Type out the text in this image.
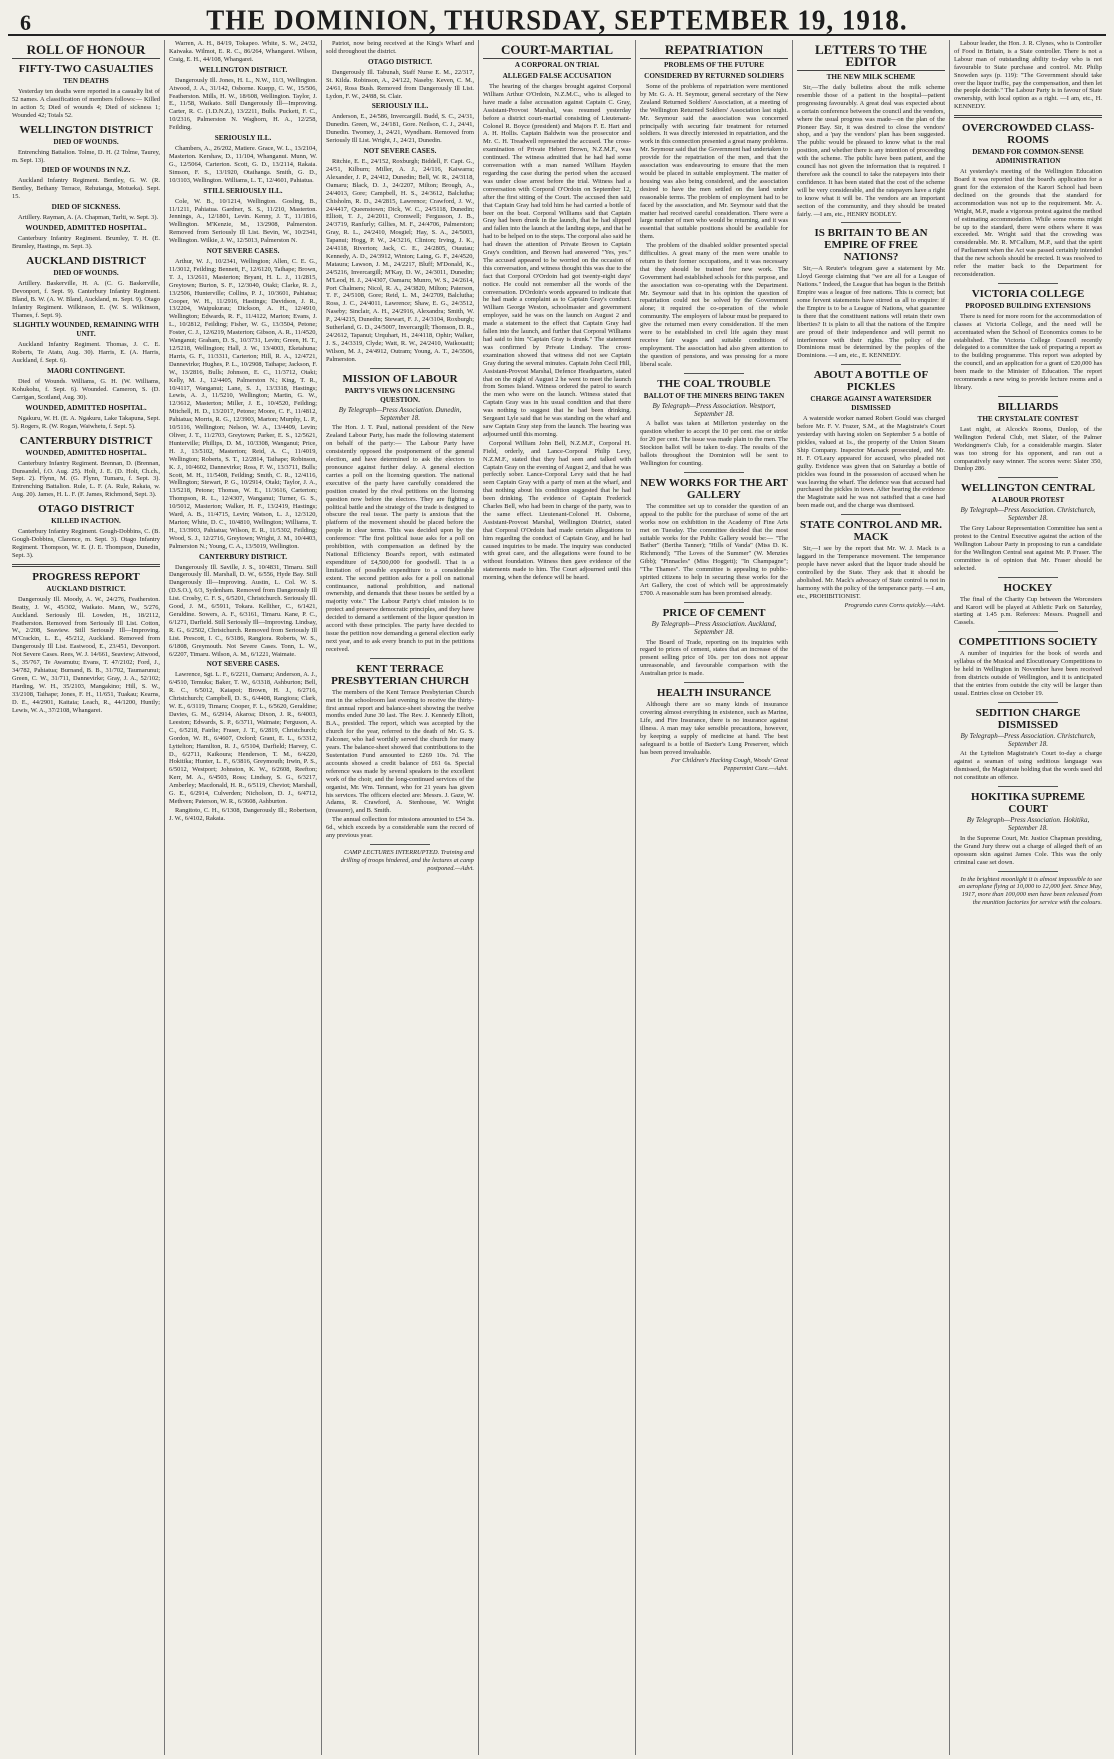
6	THE DOMINION, THURSDAY, SEPTEMBER 19, 1918.
ROLL OF HONOUR
FIFTY-TWO CASUALTIES
TEN DEATHS

Yesterday ten deaths were reported in a casualty list of 52 names. A classification of members follows:— Killed in action 5; Died of wounds 4; Died of sickness 1; Wounded 42; Totals 52.

WELLINGTON DISTRICT
DIED OF WOUNDS.

Entrenching Battalion. Tolme, D. H. (2 Tolme, Taurey, m. Sept. 13).

DIED OF WOUNDS IN N.Z.

Auckland Infantry Regiment. Bentley, G. W. (R. Bentley, Bethany Terrace, Rehutanga, Motueka). Sept. 15.

DIED OF SICKNESS.

Artillery. Rayman, A. (A. Chapman, Tarlti, w. Sept. 3).

WOUNDED, ADMITTED HOSPITAL.

Canterbury Infantry Regiment. Brumley, T. H. (E. Brumley, Hastings, m. Sept. 3).

AUCKLAND DISTRICT
DIED OF WOUNDS.

Artillery. Baskerville, H. A. (C. G. Baskerville, Devonport, f. Sept. 9). Canterbury Infantry Regiment. Bland, B. W. (A. W. Bland, Auckland, m. Sept. 9). Otago Infantry Regiment. Wilkinson, E. (W. S. Wilkinson, Thames, f. Sept. 9).

SLIGHTLY WOUNDED, REMAINING WITH UNIT.

Auckland Infantry Regiment. Thomas, J. C. E. Roberts, Te Atatu, Aug. 30). Harris, E. (A. Harris, Auckland, f. Sept. 6).

MAORI CONTINGENT.

Died of Wounds. Williams, G. H. (W. Williams, Kohukohu, f. Sept. 6). Wounded. Cameron, S. (D. Carrigan, Scotland, Aug. 30).

WOUNDED, ADMITTED HOSPITAL.

Ngakuru, W. H. (E. A. Ngakuru, Lake Takapuna, Sept. 5). Rogers, R. (W. Rogan, Waiwhetu, f. Sept. 5).

CANTERBURY DISTRICT
WOUNDED, ADMITTED HOSPITAL.

Canterbury Infantry Regiment. Brennan, D. (Brennan, Dunsandel, f.O. Aug. 25). Holt, J. E. (D. Holt, Ch.ch., Sept. 2). Flynn, M. (G. Flynn, Tumaru, f. Sept. 3). Entrenching Battalion. Rule, L. F. (A. Rule, Rakaia, w. Aug. 20). James, H. L. F. (F. James, Richmond, Sept. 3).

OTAGO DISTRICT
KILLED IN ACTION.

Canterbury Infantry Regiment. Gough-Dobbins, C. (B. Gough-Dobbins, Clarence, m. Sept. 3). Otago Infantry Regiment. Thompson, W. E. (J. E. Thompson, Dunedin, Sept. 3).

PROGRESS REPORT
AUCKLAND DISTRICT.

Dangerously Ill. Moody, A. W., 24/276, Featherston. Beatty, J. W., 45/302, Waikato. Mann, W., 5/276, Auckland. Seriously Ill. Lowden, H., 18/2112, Featherston. Removed from Seriously Ill List. Cotton, W., 2/208, Seaview. Still Seriously Ill—Improving. M'Crackin, L. E., 45/212, Auckland. Removed from Dangerously Ill List. Eastwood, E., 23/451, Devonport. Not Severe Cases. Rees, W. J. 14/661, Seaview; Attwood, S., 35/767, Te Awamutu; Evans, T. 47/2102; Ford, J., 34/782, Pahiatua; Burnand, B. B., 31/702, Taumarunui; Green, C. W., 31/711, Dannevirke; Gray, J. A., 52/102; Harding, W. H., 35/2103, Mangakino; Hill, S. W., 33/2108, Taihape; Jones, F. H., 11/651, Tuakau; Kearns, D. E., 44/2901, Kaitaia; Leach, R., 44/1200, Huntly; Lewis, W. A., 37/2108, Whangarei.

Warren, A. H., 84/19, Tokapeo. White, S. W., 24/32, Kaiwaka. Wilmot, E. R. C., 86/264, Whangarei. Wilson, Craig, E. H., 44/108, Whangarei.

WELLINGTON DISTRICT.

Dangerously Ill. Jones, H. L., N.W., 11/3, Wellington. Atwood, J. A., 31/142, Osborne. Kuepp, C. W., 15/506, Featherston. Mills, H. W., 18/608, Wellington. Taylor, J. E., 11/58, Waikato. Still Dangerously Ill—Improving. Carter, R. C. (1.D.N.Z.), 13/2211, Bulls. Puckett, F. C., 10/2316, Palmerston N. Waghorn, H. A., 12/258, Feilding.

SERIOUSLY ILL.

Chambers, A., 26/202, Matiere. Grace, W. L., 13/2104, Masterton. Kershaw, D., 11/104, Whanganui. Munn, W. G., 12/5064, Carterton. Scott, G. D., 13/2114, Rakaia. Simson, F. S., 13/1920, Otaihanga. Smith, G. D., 10/3103, Wellington. Williams, L. T., 12/4601, Pahiatua.

STILL SERIOUSLY ILL.

Cole, W. B., 10/1214, Wellington. Gosling, B., 11/1211, Pahiatua. Gardner, S. S., 11/210, Masterton. Jennings, A., 12/1801, Levin. Kenny, J. T., 11/1816, Wellington. M'Kenzie, M., 13/2908, Palmerston. Removed from Seriously Ill List. Bevin, W., 10/2341, Wellington. Wilkie, J. W., 12/5013, Palmerston N.

NOT SEVERE CASES.

Arthur, W. J., 10/2341, Wellington; Allen, C. E. G., 11/3012, Feilding; Bennett, F., 12/6120, Taihape; Brown, T. J., 13/2611, Masterton; Bryant, H. L. J., 11/2815, Greytown; Burton, S. F., 12/3040, Otaki; Clarke, R. J., 13/2506, Hunterville; Collins, P. J., 10/3601, Pahiatua; Cooper, W. H., 11/2916, Hastings; Davidson, J. R., 13/2204, Waipukurau; Dickson, A. H., 12/4910, Wellington; Edwards, R. F., 11/4122, Marton; Evans, J. L., 10/2812, Feilding; Fisher, W. G., 13/3504, Petone; Foster, C. J., 12/6219, Masterton; Gibson, A. R., 11/4520, Wanganui; Graham, D. S., 10/3731, Levin; Green, H. T., 12/5218, Wellington; Hall, J. W., 13/4003, Eketahuna; Harris, G. F., 11/3311, Carterton; Hill, R. A., 12/4721, Dannevirke; Hughes, P. L., 10/2908, Taihape; Jackson, F. W., 13/2816, Bulls; Johnson, E. C., 11/3712, Otaki; Kelly, M. J., 12/4405, Palmerston N.; King, T. R., 10/4117, Wanganui; Lane, S. J., 13/3318, Hastings; Lewis, A. J., 11/5210, Wellington; Martin, G. W., 12/3612, Masterton; Miller, J. E., 10/4520, Feilding; Mitchell, H. D., 13/2017, Petone; Moore, C. F., 11/4812, Pahiatua; Morris, R. G., 12/3903, Marton; Murphy, L. P., 10/5116, Wellington; Nelson, W. A., 13/4409, Levin; Oliver, J. T., 11/2703, Greytown; Parker, E. S., 12/5621, Hunterville; Phillips, D. M., 10/3308, Wanganui; Price, H. J., 13/5102, Masterton; Reid, A. C., 11/4019, Wellington; Roberts, S. T., 12/2814, Taihape; Robinson, K. J., 10/4602, Dannevirke; Ross, F. W., 13/3711, Bulls; Scott, M. H., 11/5408, Feilding; Smith, C. R., 12/4116, Wellington; Stewart, P. G., 10/2914, Otaki; Taylor, J. A., 13/5218, Petone; Thomas, W. E., 11/3616, Carterton; Thompson, R. L., 12/4307, Wanganui; Turner, G. S., 10/5012, Masterton; Walker, H. F., 13/2419, Hastings; Ward, A. B., 11/4715, Levin; Watson, L. J., 12/3120, Marton; White, D. C., 10/4810, Wellington; Williams, T. H., 13/3903, Pahiatua; Wilson, E. R., 11/5302, Feilding; Wood, S. J., 12/2716, Greytown; Wright, J. M., 10/4403, Palmerston N.; Young, C. A., 13/5019, Wellington.

CANTERBURY DISTRICT.

Dangerously Ill. Saville, J. S., 10/4831, Timaru. Still Dangerously Ill. Marshall, D. W., 6/556, Hyde Bay. Still Dangerously Ill—Improving. Austin, L. Col. W. S. (D.S.O.), 6/3, Sydenham. Removed from Dangerously Ill List. Crosby, C. F. S., 6/5201, Christchurch. Seriously Ill. Good, J. M., 6/5911, Tokara. Kelliher, C., 6/1421, Geraldine. Sowers, A. F., 6/3161, Timaru. Kane, P. C., 6/1271, Darfield. Still Seriously Ill—Improving. Lindsay, R. G., 6/2502, Christchurch. Removed from Seriously Ill List. Prescott, I. C., 6/3186, Rangiora. Roberts, W. S., 6/1808, Greymouth. Not Severe Cases. Tonn, L. W., 6/2207, Timaru. Wilson, A. M., 6/1221, Waimate.

NOT SEVERE CASES.

Lawrence, Sgt. L. F., 6/2211, Oamaru; Anderson, A. J., 6/4510, Temuka; Baker, T. W., 6/3318, Ashburton; Bell, R. C., 6/5012, Kaiapoi; Brown, H. J., 6/2716, Christchurch; Campbell, D. S., 6/4408, Rangiora; Clark, W. E., 6/3119, Timaru; Cooper, F. L., 6/5620, Geraldine; Davies, G. M., 6/2914, Akaroa; Dixon, J. R., 6/4003, Leeston; Edwards, S. P., 6/3711, Waimate; Ferguson, A. C., 6/5218, Fairlie; Fraser, J. T., 6/2819, Christchurch; Gordon, W. H., 6/4607, Oxford; Grant, E. L., 6/3312, Lyttelton; Hamilton, R. J., 6/5104, Darfield; Harvey, C. D., 6/2711, Kaikoura; Henderson, T. M., 6/4220, Hokitika; Hunter, L. F., 6/3816, Greymouth; Irwin, P. S., 6/5012, Westport; Johnston, K. W., 6/2608, Reefton; Kerr, M. A., 6/4503, Ross; Lindsay, S. G., 6/3217, Amberley; Macdonald, H. R., 6/5119, Cheviot; Marshall, G. E., 6/2914, Culverden; Nicholson, D. J., 6/4712, Methven; Paterson, W. R., 6/3608, Ashburton.

Rangitoto, C. H., 6/1308, Dangerously Ill.; Robertson, J. W., 6/4102, Rakaia.

Patriot, now being received at the King's Wharf and sold throughout the district.

OTAGO DISTRICT.

Dangerously Ill. Tabunah, Staff Nurse E. M., 22/317, St. Kilda. Robinson, A., 24/122, Naseby. Keven, C. M., 24/61, Ross Bush. Removed from Dangerously Ill List. Lydon, F. W., 24/88, St. Clair.

SERIOUSLY ILL.

Anderson, E., 24/586, Invercargill. Budd, S. C., 24/31, Dunedin. Green, W., 24/181, Gore. Neilson, C. J., 24/41, Dunedin. Twomey, J., 24/21, Wyndham. Removed from Seriously Ill List. Wright, J., 24/21, Dunedin.

NOT SEVERE CASES.

Ritchie, E. E., 24/152, Roxburgh; Biddell, F. Capt. G., 24/51, Kilburn; Miller, A. J., 24/116, Kaiwarra; Alexander, J. P., 24/412, Dunedin; Bell, W. R., 24/3118, Oamaru; Black, D. J., 24/2207, Milton; Brough, A., 24/4013, Gore; Campbell, H. S., 24/3612, Balclutha; Chisholm, R. D., 24/2815, Lawrence; Crawford, J. W., 24/4417, Queenstown; Dick, W. C., 24/5118, Dunedin; Elliott, T. J., 24/2011, Cromwell; Fergusson, J. B., 24/3719, Ranfurly; Gillies, M. F., 24/4706, Palmerston; Gray, R. L., 24/2410, Mosgiel; Hay, S. A., 24/5003, Tapanui; Hogg, P. W., 24/3216, Clinton; Irving, J. K., 24/4118, Riverton; Jack, C. E., 24/2805, Otautau; Kennedy, A. D., 24/3912, Winton; Laing, G. F., 24/4520, Mataura; Lawson, J. M., 24/2217, Bluff; M'Donald, K., 24/5216, Invercargill; M'Kay, D. W., 24/3011, Dunedin; M'Leod, H. J., 24/4307, Oamaru; Munro, W. S., 24/2614, Port Chalmers; Nicol, R. A., 24/3820, Milton; Paterson, T. F., 24/5108, Gore; Reid, L. M., 24/2709, Balclutha; Ross, J. C., 24/4011, Lawrence; Shaw, E. G., 24/3512, Naseby; Sinclair, A. H., 24/2916, Alexandra; Smith, W. P., 24/4215, Dunedin; Stewart, F. J., 24/3104, Roxburgh; Sutherland, G. D., 24/5007, Invercargill; Thomson, D. R., 24/2612, Tapanui; Urquhart, H., 24/4118, Ophir; Walker, J. S., 24/3319, Clyde; Watt, R. W., 24/2410, Waikouaiti; Wilson, M. J., 24/4912, Outram; Young, A. T., 24/3506, Palmerston.

MISSION OF LABOUR
PARTY'S VIEWS ON LICENSING QUESTION.
By Telegraph—Press Association. Dunedin, September 18.

The Hon. J. T. Paul, national president of the New Zealand Labour Party, has made the following statement on behalf of the party:— The Labour Party have consistently opposed the postponement of the general election, and have determined to ask the electors to pronounce against further delay. A general election carries a poll on the licensing question. The national executive of the party have carefully considered the position created by the rival petitions on the licensing question now before the electors. They are fighting a political battle and the strategy of the trade is designed to obscure the real issue. The party is anxious that the platform of the movement should be placed before the people in clear terms. This was decided upon by the conference: "The first political issue asks for a poll on prohibition, with compensation as defined by the National Efficiency Board's report, with estimated expenditure of £4,500,000 for goodwill. That is a limitation of possible expenditure to a considerable extent. The second petition asks for a poll on national continuance, national prohibition, and national ownership, and demands that these issues be settled by a majority vote." The Labour Party's chief mission is to protect and preserve democratic principles, and they have decided to demand a settlement of the liquor question in accord with these principles. The party have decided to issue the petition now demanding a general election early next year, and to ask every branch to put in the petitions received.

KENT TERRACE PRESBYTERIAN CHURCH

The members of the Kent Terrace Presbyterian Church met in the schoolroom last evening to receive the thirty-first annual report and balance-sheet showing the twelve months ended June 30 last. The Rev. J. Kennedy Elliott, B.A., presided. The report, which was accepted by the church for the year, referred to the death of Mr. G. S. Falconer, who had worthily served the church for many years. The balance-sheet showed that contributions to the Sustentation Fund amounted to £269 10s. 7d. The accounts showed a credit balance of £61 6s. Special reference was made by several speakers to the excellent work of the choir, and the long-continued services of the organist, Mr. Wm. Tennant, who for 21 years has given his services. The officers elected are: Messrs. J. Gaze, W. Adams, R. Crawford, A. Stenhouse, W. Wright (treasurer), and B. Smith.

The annual collection for missions amounted to £54 3s. 6d., which exceeds by a considerable sum the record of any previous year.

CAMP LECTURES INTERRUPTED. Training and drilling of troops hindered, and the lectures at camp postponed.—Advt.

COURT-MARTIAL
A CORPORAL ON TRIAL
ALLEGED FALSE ACCUSATION

The hearing of the charges brought against Corporal William Arthur O'Ordoin, N.Z.M.C., who is alleged to have made a false accusation against Captain C. Gray, Assistant-Provost Marshal, was resumed yesterday before a district court-martial consisting of Lieutenant-Colonel R. Boyce (president) and Majors F. E. Hart and A. H. Hollis. Captain Baldwin was the prosecutor and Mr. C. H. Treadwell represented the accused. The cross-examination of Private Hebert Brown, N.Z.M.F., was continued. The witness admitted that he had had some conversation with a man named William Hayden regarding the case during the period when the accused was under close arrest before the trial. Witness had a conversation with Corporal O'Ordoin on September 12, after the first sitting of the Court. The accused then said that Captain Gray had told him he had carried a bottle of beer on the boat. Corporal Williams said that Captain Gray had been drunk in the launch, that he had slipped and fallen into the launch at the landing steps, and that he had to be helped on to the steps. The corporal also said he had drawn the attention of Private Brown to Captain Gray's condition, and Brown had answered "Yes, yes." The accused appeared to be worried on the occasion of this conversation, and witness thought this was due to the fact that Corporal O'Ordoin had got twenty-eight days' notice. He could not remember all the words of the conversation. D'Ordoin's words appeared to indicate that he had made a complaint as to Captain Gray's conduct. William George Weston, schoolmaster and government employee, said he was on the launch on August 2 and made a statement to the effect that Captain Gray had fallen into the launch, and further that Corporal Williams had said to him "Captain Gray is drunk." The statement was confirmed by Private Lindsay. The cross-examination showed that witness did not see Captain Gray during the several minutes. Captain John Cecil Hill, Assistant-Provost Marshal, Defence Headquarters, stated that on the night of August 2 he went to meet the launch from Somes Island. Witness ordered the patrol to search the men who were on the launch. Witness stated that Captain Gray was in his usual condition and that there was nothing to suggest that he had been drinking. Sergeant Lyle said that he was standing on the wharf and saw Captain Gray step from the launch. The hearing was adjourned until this morning.

Corporal William John Bell, N.Z.M.F., Corporal H. Field, orderly, and Lance-Corporal Philip Levy, N.Z.M.F., stated that they had seen and talked with Captain Gray on the evening of August 2, and that he was perfectly sober. Lance-Corporal Levy said that he had seen Captain Gray with a party of men at the wharf, and that nothing about his condition suggested that he had been drinking. The evidence of Captain Frederick Charles Bell, who had been in charge of the party, was to the same effect. Lieutenant-Colonel H. Osborne, Assistant-Provost Marshal, Wellington District, stated that Corporal O'Ordoin had made certain allegations to him regarding the conduct of Captain Gray, and he had caused inquiries to be made. The inquiry was conducted with great care, and the allegations were found to be without foundation. Witness then gave evidence of the statements made to him. The Court adjourned until this morning, when the defence will be heard.

REPATRIATION
PROBLEMS OF THE FUTURE
CONSIDERED BY RETURNED SOLDIERS

Some of the problems of repatriation were mentioned by Mr. G. A. H. Seymour, general secretary of the New Zealand Returned Soldiers' Association, at a meeting of the Wellington Returned Soldiers' Association last night. Mr. Seymour said the association was concerned principally with securing fair treatment for returned soldiers. It was directly interested in repatriation, and the work in this connection presented a great many problems. Mr. Seymour said that the Government had undertaken to provide for the repatriation of the men, and that the association was endeavouring to ensure that the men would be placed in suitable employment. The matter of housing was also being considered, and the association desired to have the men settled on the land under reasonable terms. The problem of employment had to be faced by the association, and Mr. Seymour said that the matter had received careful consideration. There were a large number of men who would be returning, and it was essential that suitable positions should be available for them.

The problem of the disabled soldier presented special difficulties. A great many of the men were unable to return to their former occupations, and it was necessary that they should be trained for new work. The Government had established schools for this purpose, and the association was co-operating with the Department. Mr. Seymour said that in his opinion the question of repatriation could not be solved by the Government alone; it required the co-operation of the whole community. The employers of labour must be prepared to give the returned men every consideration. If the men were to be established in civil life again they must receive fair wages and suitable conditions of employment. The association had also given attention to the question of pensions, and was pressing for a more liberal scale.

THE COAL TROUBLE
BALLOT OF THE MINERS BEING TAKEN
By Telegraph—Press Association. Westport, September 18.

A ballot was taken at Millerton yesterday on the question whether to accept the 10 per cent. rise or strike for 20 per cent. The issue was made plain to the men. The Stockton ballot will be taken to-day. The results of the ballots throughout the Dominion will be sent to Wellington for counting.

NEW WORKS FOR THE ART GALLERY

The committee set up to consider the question of an appeal to the public for the purchase of some of the art works now on exhibition in the Academy of Fine Arts met on Tuesday. The committee decided that the most suitable works for the Public Gallery would be:— "The Bather" (Bertha Tanner); "Hills of Vanda" (Miss D. K. Richmond); "The Loves of the Summer" (W. Menzies Gibb); "Pinnacles" (Miss Hoggett); "In Champagne"; "The Thames". The committee is appealing to public-spirited citizens to help in securing these works for the Art Gallery, the cost of which will be approximately £700. A reasonable sum has been promised already.

PRICE OF CEMENT
By Telegraph—Press Association. Auckland, September 18.

The Board of Trade, reporting on its inquiries with regard to prices of cement, states that an increase of the present selling price of 10s. per ton does not appear unreasonable, and favourable comparison with the Australian price is made.

HEALTH INSURANCE

Although there are so many kinds of insurance covering almost everything in existence, such as Marine, Life, and Fire Insurance, there is no insurance against illness. A man may take sensible precautions, however, by keeping a supply of medicine at hand. The best safeguard is a bottle of Baxter's Lung Preserver, which has been proved invaluable.

For Children's Hacking Cough, Woods' Great Peppermint Cure.—Advt.

LETTERS TO THE EDITOR
THE NEW MILK SCHEME

Sir,—The daily bulletins about the milk scheme resemble those of a patient in the hospital—patient progressing favourably. A great deal was expected about a certain conference between the council and the vendors, where the usual progress was made—on the plan of the Pioneer Bay. Sir, it was desired to close the vendors' shop, and a 'pay the vendors' plan has been suggested. The public would be pleased to know what is the real position, and whether there is any intention of proceeding with the scheme. The public have been patient, and the council has not given the information that is required. I therefore ask the council to take the ratepayers into their confidence. It has been stated that the cost of the scheme will be very considerable, and the ratepayers have a right to know what it will be. The vendors are an important section of the community, and they should be treated fairly. —I am, etc., HENRY BODLEY.

IS BRITAIN TO BE AN EMPIRE OF FREE NATIONS?

Sir,—A Reuter's telegram gave a statement by Mr. Lloyd George claiming that "we are all for a League of Nations." Indeed, the League that has begun is the British Empire was a league of free nations. This is correct; but some fervent statements have stirred us all to enquire: if the Empire is to be a League of Nations, what guarantee is there that the constituent nations will retain their own liberties? It is plain to all that the nations of the Empire are proud of their independence and will permit no interference with their rights. The policy of the Dominions must be determined by the peoples of the Dominions. —I am, etc., E. KENNEDY.

ABOUT A BOTTLE OF PICKLES
CHARGE AGAINST A WATERSIDER DISMISSED

A waterside worker named Robert Gould was charged before Mr. F. V. Frazer, S.M., at the Magistrate's Court yesterday with having stolen on September 5 a bottle of pickles, valued at 1s., the property of the Union Steam Ship Company. Inspector Marsack prosecuted, and Mr. H. F. O'Leary appeared for accused, who pleaded not guilty. Evidence was given that on Saturday a bottle of pickles was found in the possession of accused when he was leaving the wharf. The defence was that accused had purchased the pickles in town. After hearing the evidence the Magistrate said he was not satisfied that a case had been made out, and the charge was dismissed.

STATE CONTROL AND MR. MACK

Sir,—I see by the report that Mr. W. J. Mack is a laggard in the Temperance movement. The temperance people have never asked that the liquor trade should be controlled by the State. They ask that it should be abolished. Mr. Mack's advocacy of State control is not in harmony with the policy of the temperance party. —I am, etc., PROHIBITIONIST.

Progrando cures Corns quickly.—Advt.

Labour leader, the Hon. J. R. Clynes, who is Controller of Food in Britain, is a State controller. There is not a Labour man of outstanding ability to-day who is not favourable to State purchase and control. Mr. Philip Snowden says (p. 119): "The Government should take over the liquor traffic, pay the compensation, and then let the people decide." The Labour Party is in favour of State ownership, with local option as a right. —I am, etc., H. KENNEDY.

OVERCROWDED CLASS-ROOMS
DEMAND FOR COMMON-SENSE ADMINISTRATION

At yesterday's meeting of the Wellington Education Board it was reported that the board's application for a grant for the extension of the Karori School had been declined on the grounds that the standard for accommodation was not up to the requirement. Mr. A. Wright, M.P., made a vigorous protest against the method of estimating accommodation. While some rooms might be up to the standard, there were others where it was exceeded. Mr. Wright said that the crowding was considerable. Mr. R. M'Callum, M.P., said that the spirit of Parliament when the Act was passed certainly intended that the new schools should be erected. It was resolved to refer the matter back to the Department for reconsideration.

VICTORIA COLLEGE
PROPOSED BUILDING EXTENSIONS

There is need for more room for the accommodation of classes at Victoria College, and the need will be accentuated when the School of Economics comes to be established. The Victoria College Council recently delegated to a committee the task of preparing a report as to the building programme. This report was adopted by the council, and an application for a grant of £20,000 has been made to the Minister of Education. The report recommends a new wing to provide lecture rooms and a library.

BILLIARDS
THE CRYSTALATE CONTEST

Last night, at Alcock's Rooms, Dunlop, of the Wellington Federal Club, met Slater, of the Palmer Workingmen's Club, for a considerable margin. Slater was too strong for his opponent, and ran out a comparatively easy winner. The scores were: Slater 350, Dunlop 286.

WELLINGTON CENTRAL
A LABOUR PROTEST
By Telegraph—Press Association. Christchurch, September 18.

The Grey Labour Representation Committee has sent a protest to the Central Executive against the action of the Wellington Labour Party in proposing to run a candidate for the Wellington Central seat against Mr. P. Fraser. The committee is of opinion that Mr. Fraser should be selected.

HOCKEY

The final of the Charity Cup between the Worcesters and Karori will be played at Athletic Park on Saturday, starting at 1.45 p.m. Referees: Messrs. Pragnell and Cassels.

COMPETITIONS SOCIETY

A number of inquiries for the book of words and syllabus of the Musical and Elocutionary Competitions to be held in Wellington in November have been received from districts outside of Wellington, and it is anticipated that the entries from outside the city will be larger than usual. Entries close on October 19.

SEDITION CHARGE DISMISSED
By Telegraph—Press Association. Christchurch, September 18.

At the Lyttelton Magistrate's Court to-day a charge against a seaman of using seditious language was dismissed, the Magistrate holding that the words used did not constitute an offence.

HOKITIKA SUPREME COURT
By Telegraph—Press Association. Hokitika, September 18.

In the Supreme Court, Mr. Justice Chapman presiding, the Grand Jury threw out a charge of alleged theft of an opossum skin against James Cole. This was the only criminal case set down.

In the brightest moonlight it is almost impossible to see an aeroplane flying at 10,000 to 12,000 feet. Since May, 1917, more than 100,000 men have been released from the munition factories for service with the colours.
